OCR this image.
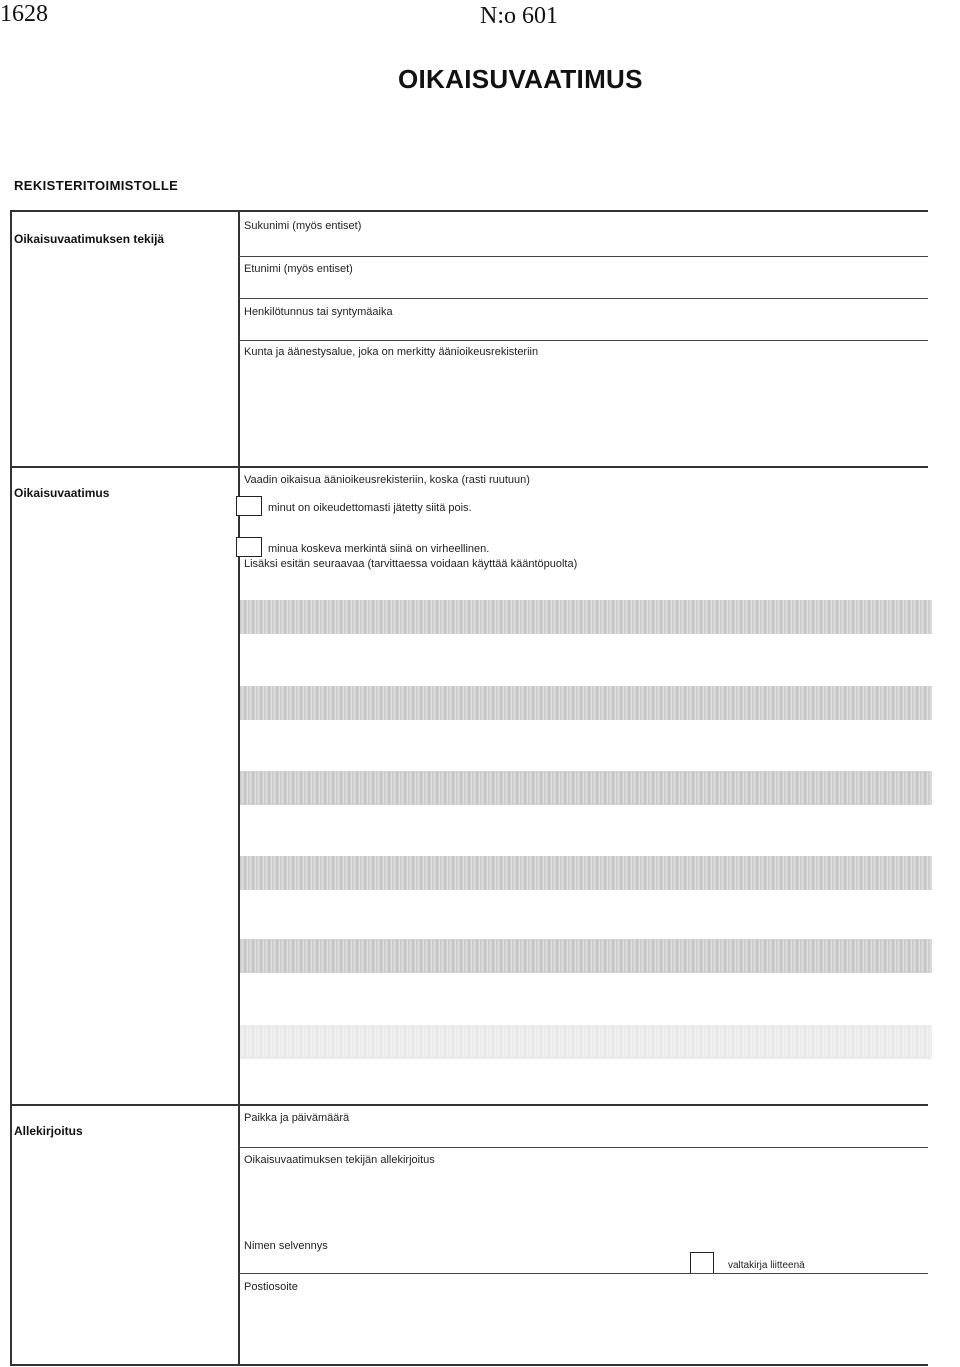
1628	N:o 601
OIKAISUVAATIMUS
REKISTERITOIMISTOLLE
Oikaisuvaatimuksen tekijä
Sukunimi (myös entiset)
Etunimi (myös entiset)
Henkilötunnus tai syntymäaika
Kunta ja äänestysalue, joka on merkitty äänioikeusrekisteriin
Oikaisuvaatimus
Vaadin oikaisua äänioikeusrekisteriin, koska (rasti ruutuun)
minut on oikeudettomasti jätetty siitä pois.
minua koskeva merkintä siinä on virheellinen.
Lisäksi esitän seuraavaa (tarvittaessa voidaan käyttää kääntöpuolta)
Allekirjoitus
Paikka ja päivämäärä
Oikaisuvaatimuksen tekijän allekirjoitus
Nimen selvennys
valtakirja liitteenä
Postiosoite
